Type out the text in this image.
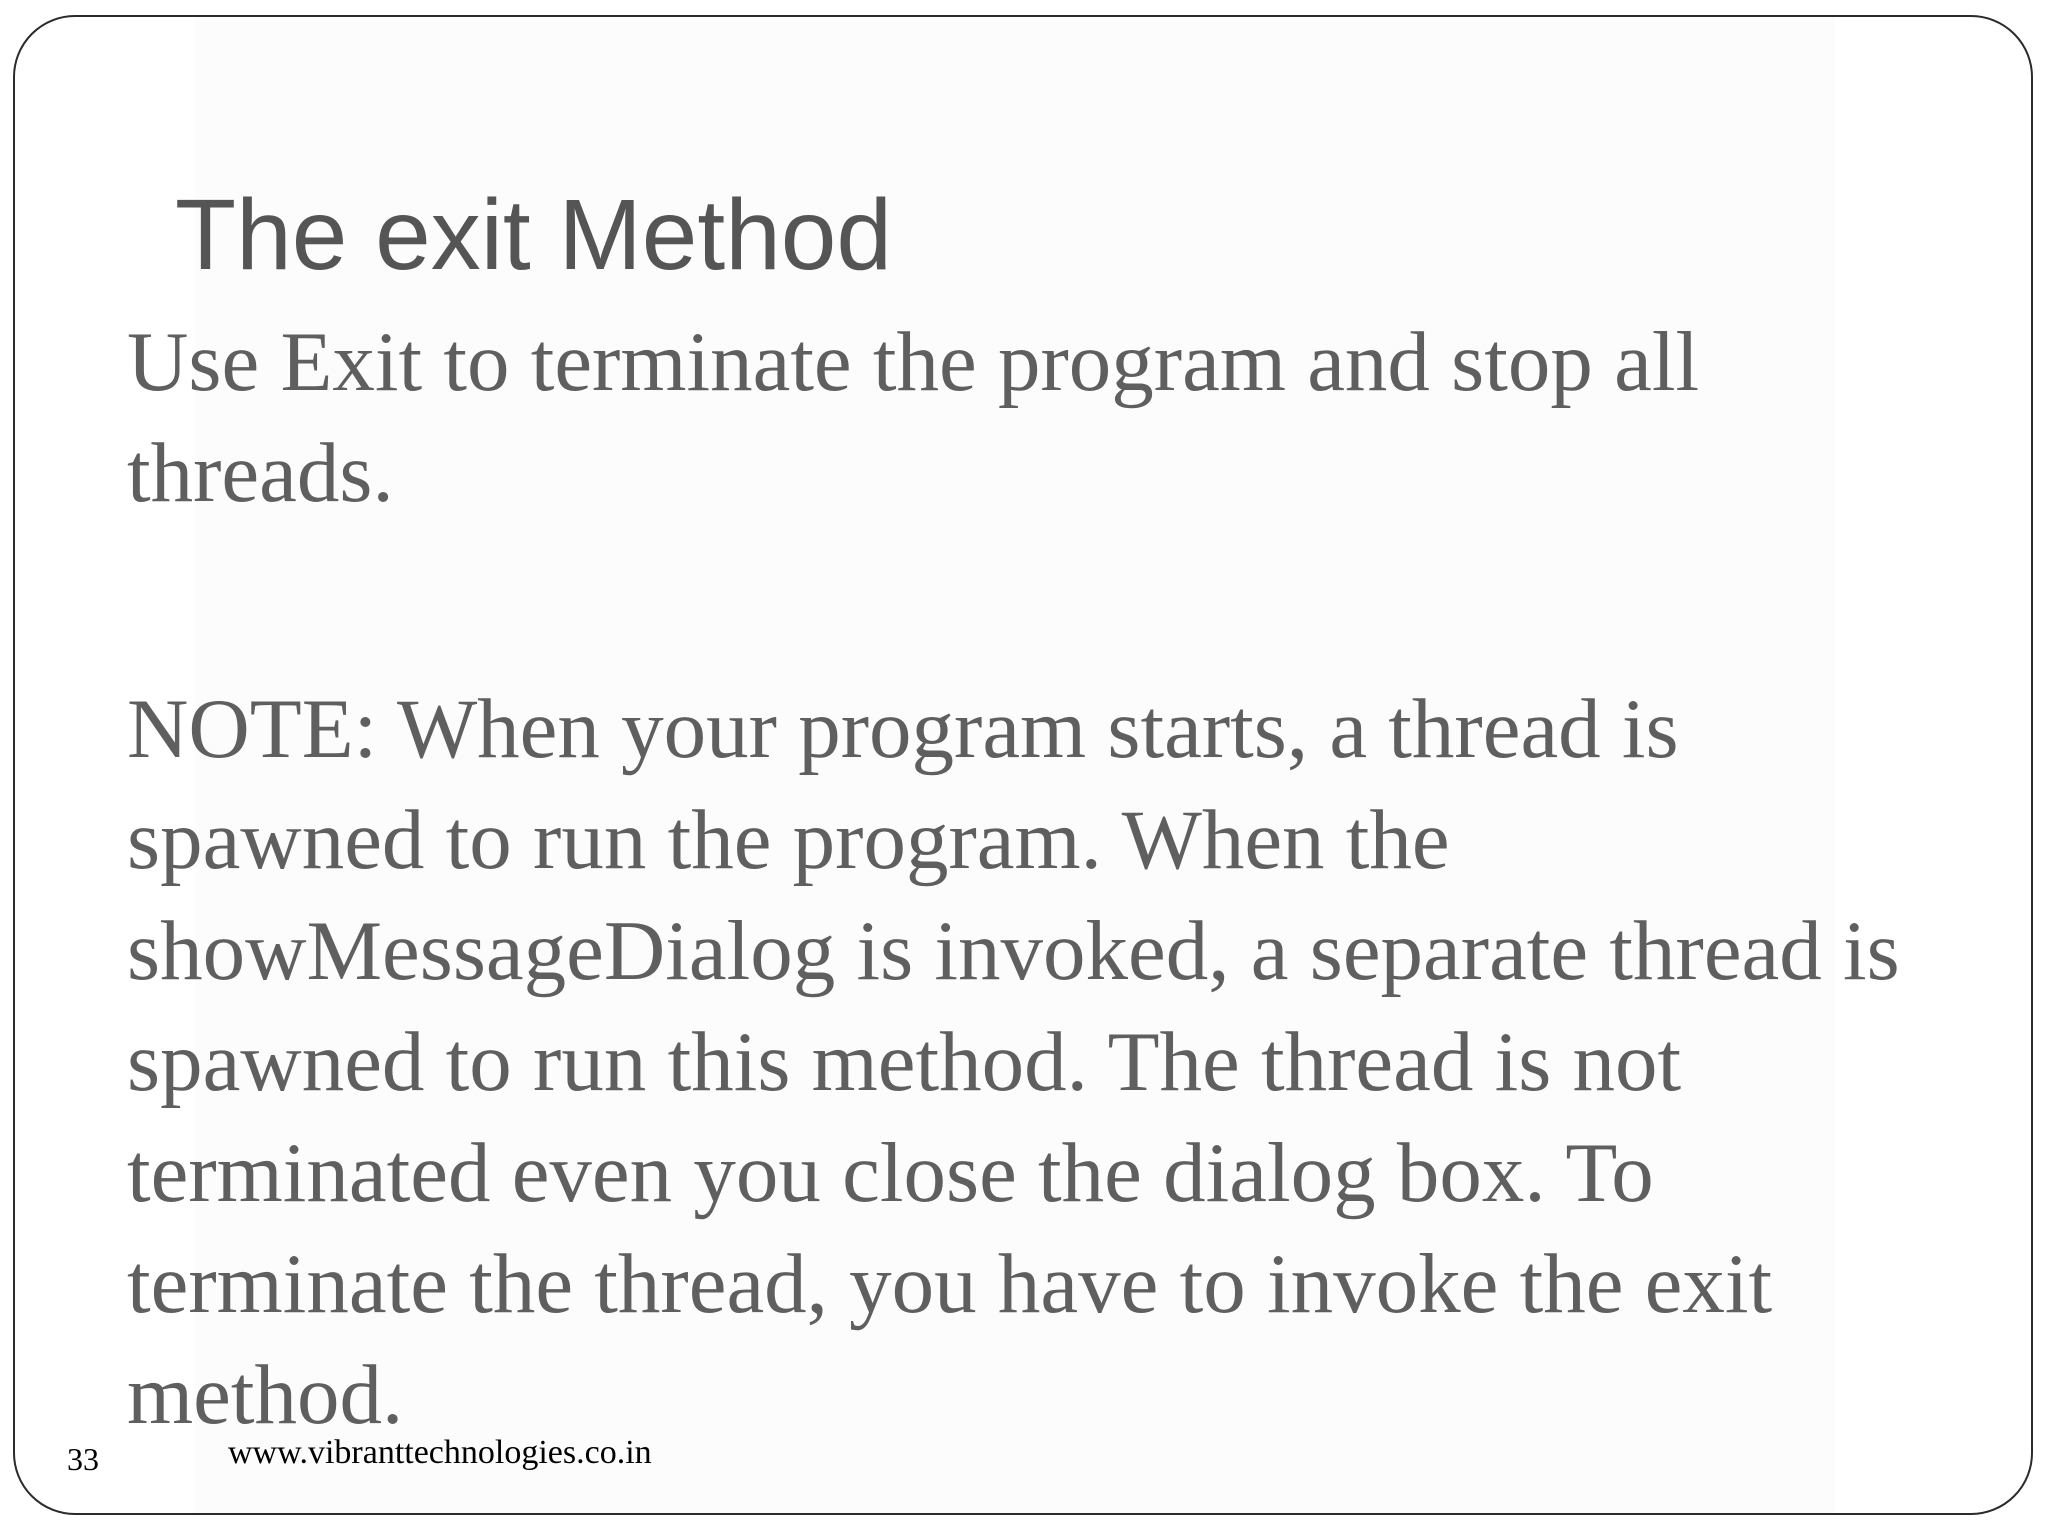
The exit Method

Use Exit to terminate the program and stop all threads.

NOTE: When your program starts, a thread is spawned to run the program. When the showMessageDialog is invoked, a separate thread is spawned to run this method. The thread is not terminated even you close the dialog box. To terminate the thread, you have to invoke the exit method.

33	www.vibranttechnologies.co.in
